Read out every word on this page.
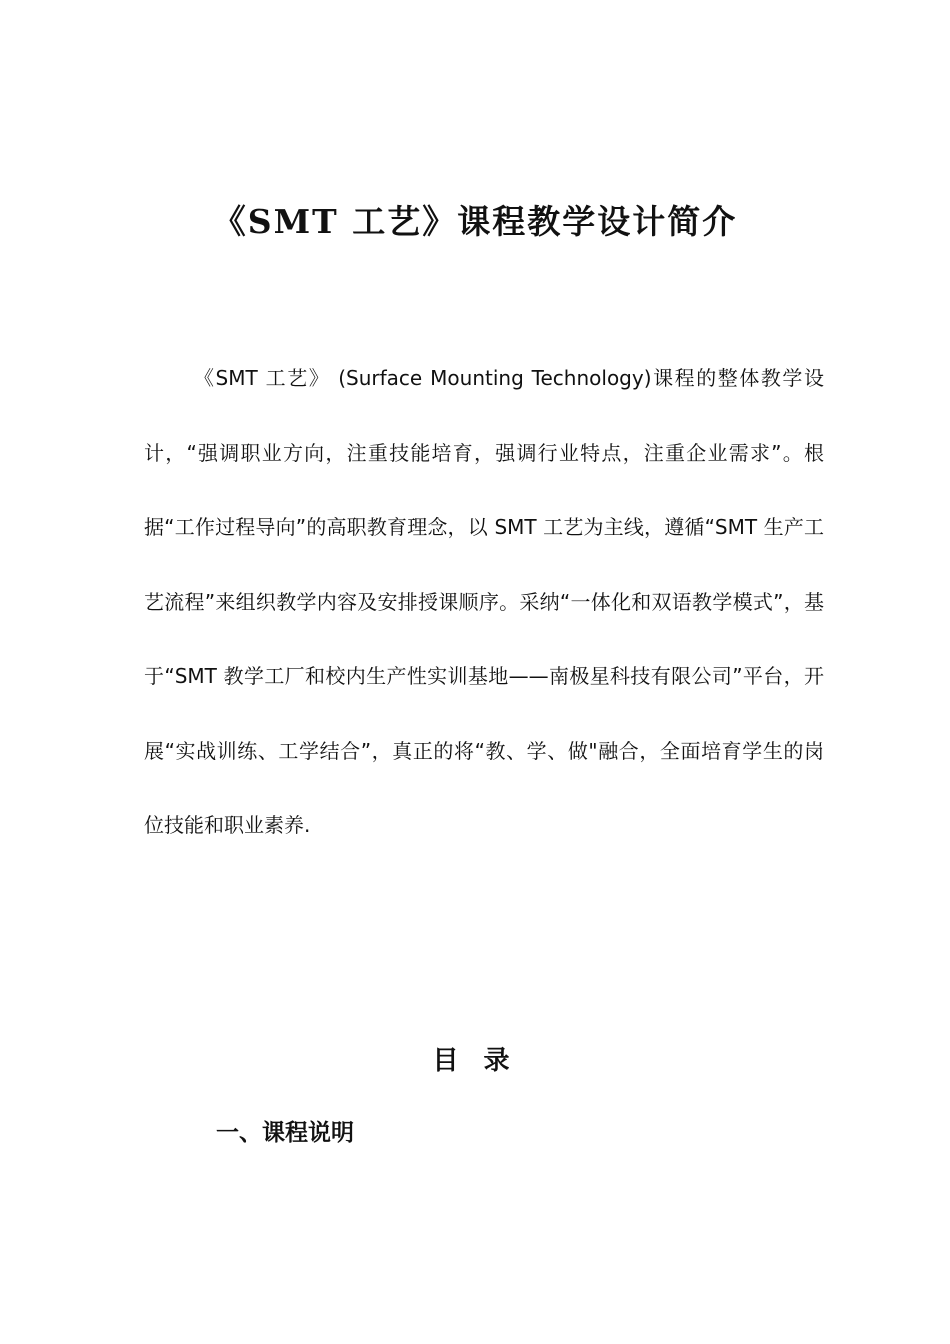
《SMT 工艺》课程教学设计简介

《SMT 工艺》 (Surface Mounting Technology)课程的整体教学设计，“强调职业方向，注重技能培育，强调行业特点，注重企业需求”。根据“工作过程导向”的高职教育理念，以 SMT 工艺为主线，遵循“SMT 生产工艺流程”来组织教学内容及安排授课顺序。采纳“一体化和双语教学模式”，基于“SMT 教学工厂和校内生产性实训基地——南极星科技有限公司”平台，开展“实战训练、工学结合”，真正的将“教、学、做"融合，全面培育学生的岗位技能和职业素养.

目 录

一、课程说明
